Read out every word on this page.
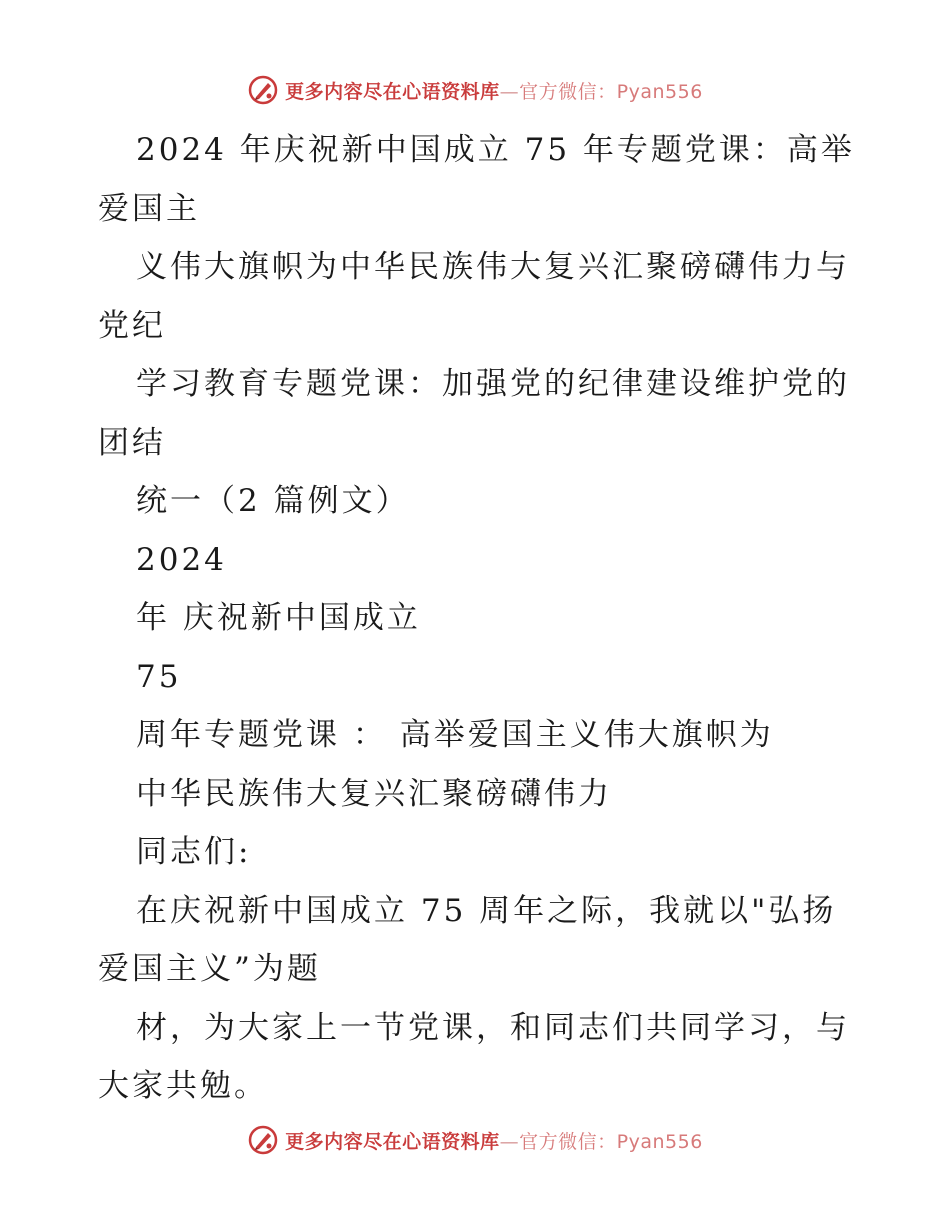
更多内容尽在心语资料库—官方微信：Pyan556
2024 年庆祝新中国成立 75 年专题党课：高举
爱国主
义伟大旗帜为中华民族伟大复兴汇聚磅礴伟力与
党纪
学习教育专题党课：加强党的纪律建设维护党的
团结
统一（2 篇例文）
2024
年 庆祝新中国成立
75
周年专题党课 ： 高举爱国主义伟大旗帜为
中华民族伟大复兴汇聚磅礴伟力
同志们:
在庆祝新中国成立 75 周年之际，我就以"弘扬
爱国主义”为题
材，为大家上一节党课，和同志们共同学习，与
大家共勉。
更多内容尽在心语资料库—官方微信：Pyan556
